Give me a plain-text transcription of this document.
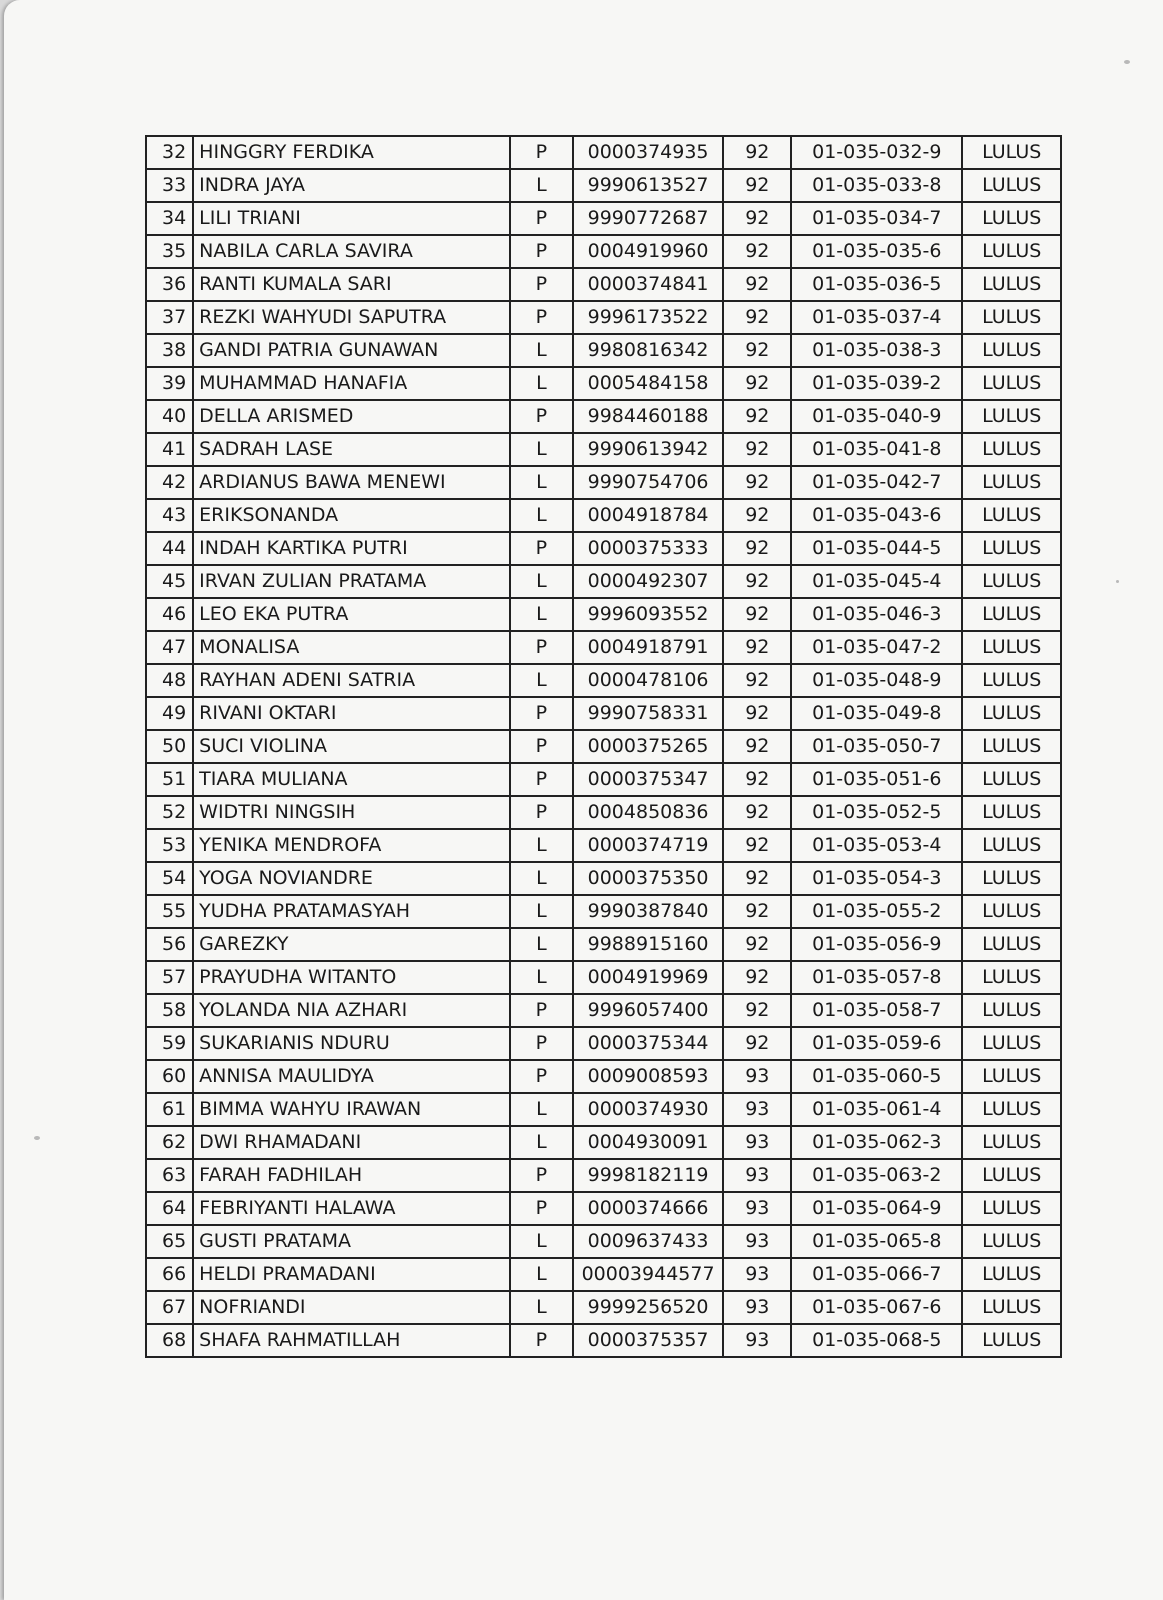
32	HINGGRY FERDIKA	P	0000374935	92	01-035-032-9	LULUS
33	INDRA JAYA	L	9990613527	92	01-035-033-8	LULUS
34	LILI TRIANI	P	9990772687	92	01-035-034-7	LULUS
35	NABILA CARLA SAVIRA	P	0004919960	92	01-035-035-6	LULUS
36	RANTI KUMALA SARI	P	0000374841	92	01-035-036-5	LULUS
37	REZKI WAHYUDI SAPUTRA	P	9996173522	92	01-035-037-4	LULUS
38	GANDI PATRIA GUNAWAN	L	9980816342	92	01-035-038-3	LULUS
39	MUHAMMAD HANAFIA	L	0005484158	92	01-035-039-2	LULUS
40	DELLA ARISMED	P	9984460188	92	01-035-040-9	LULUS
41	SADRAH LASE	L	9990613942	92	01-035-041-8	LULUS
42	ARDIANUS BAWA MENEWI	L	9990754706	92	01-035-042-7	LULUS
43	ERIKSONANDA	L	0004918784	92	01-035-043-6	LULUS
44	INDAH KARTIKA PUTRI	P	0000375333	92	01-035-044-5	LULUS
45	IRVAN ZULIAN PRATAMA	L	0000492307	92	01-035-045-4	LULUS
46	LEO EKA PUTRA	L	9996093552	92	01-035-046-3	LULUS
47	MONALISA	P	0004918791	92	01-035-047-2	LULUS
48	RAYHAN ADENI SATRIA	L	0000478106	92	01-035-048-9	LULUS
49	RIVANI OKTARI	P	9990758331	92	01-035-049-8	LULUS
50	SUCI VIOLINA	P	0000375265	92	01-035-050-7	LULUS
51	TIARA MULIANA	P	0000375347	92	01-035-051-6	LULUS
52	WIDTRI NINGSIH	P	0004850836	92	01-035-052-5	LULUS
53	YENIKA MENDROFA	L	0000374719	92	01-035-053-4	LULUS
54	YOGA NOVIANDRE	L	0000375350	92	01-035-054-3	LULUS
55	YUDHA PRATAMASYAH	L	9990387840	92	01-035-055-2	LULUS
56	GAREZKY	L	9988915160	92	01-035-056-9	LULUS
57	PRAYUDHA WITANTO	L	0004919969	92	01-035-057-8	LULUS
58	YOLANDA NIA AZHARI	P	9996057400	92	01-035-058-7	LULUS
59	SUKARIANIS NDURU	P	0000375344	92	01-035-059-6	LULUS
60	ANNISA MAULIDYA	P	0009008593	93	01-035-060-5	LULUS
61	BIMMA WAHYU IRAWAN	L	0000374930	93	01-035-061-4	LULUS
62	DWI RHAMADANI	L	0004930091	93	01-035-062-3	LULUS
63	FARAH FADHILAH	P	9998182119	93	01-035-063-2	LULUS
64	FEBRIYANTI HALAWA	P	0000374666	93	01-035-064-9	LULUS
65	GUSTI PRATAMA	L	0009637433	93	01-035-065-8	LULUS
66	HELDI PRAMADANI	L	00003944577	93	01-035-066-7	LULUS
67	NOFRIANDI	L	9999256520	93	01-035-067-6	LULUS
68	SHAFA RAHMATILLAH	P	0000375357	93	01-035-068-5	LULUS
